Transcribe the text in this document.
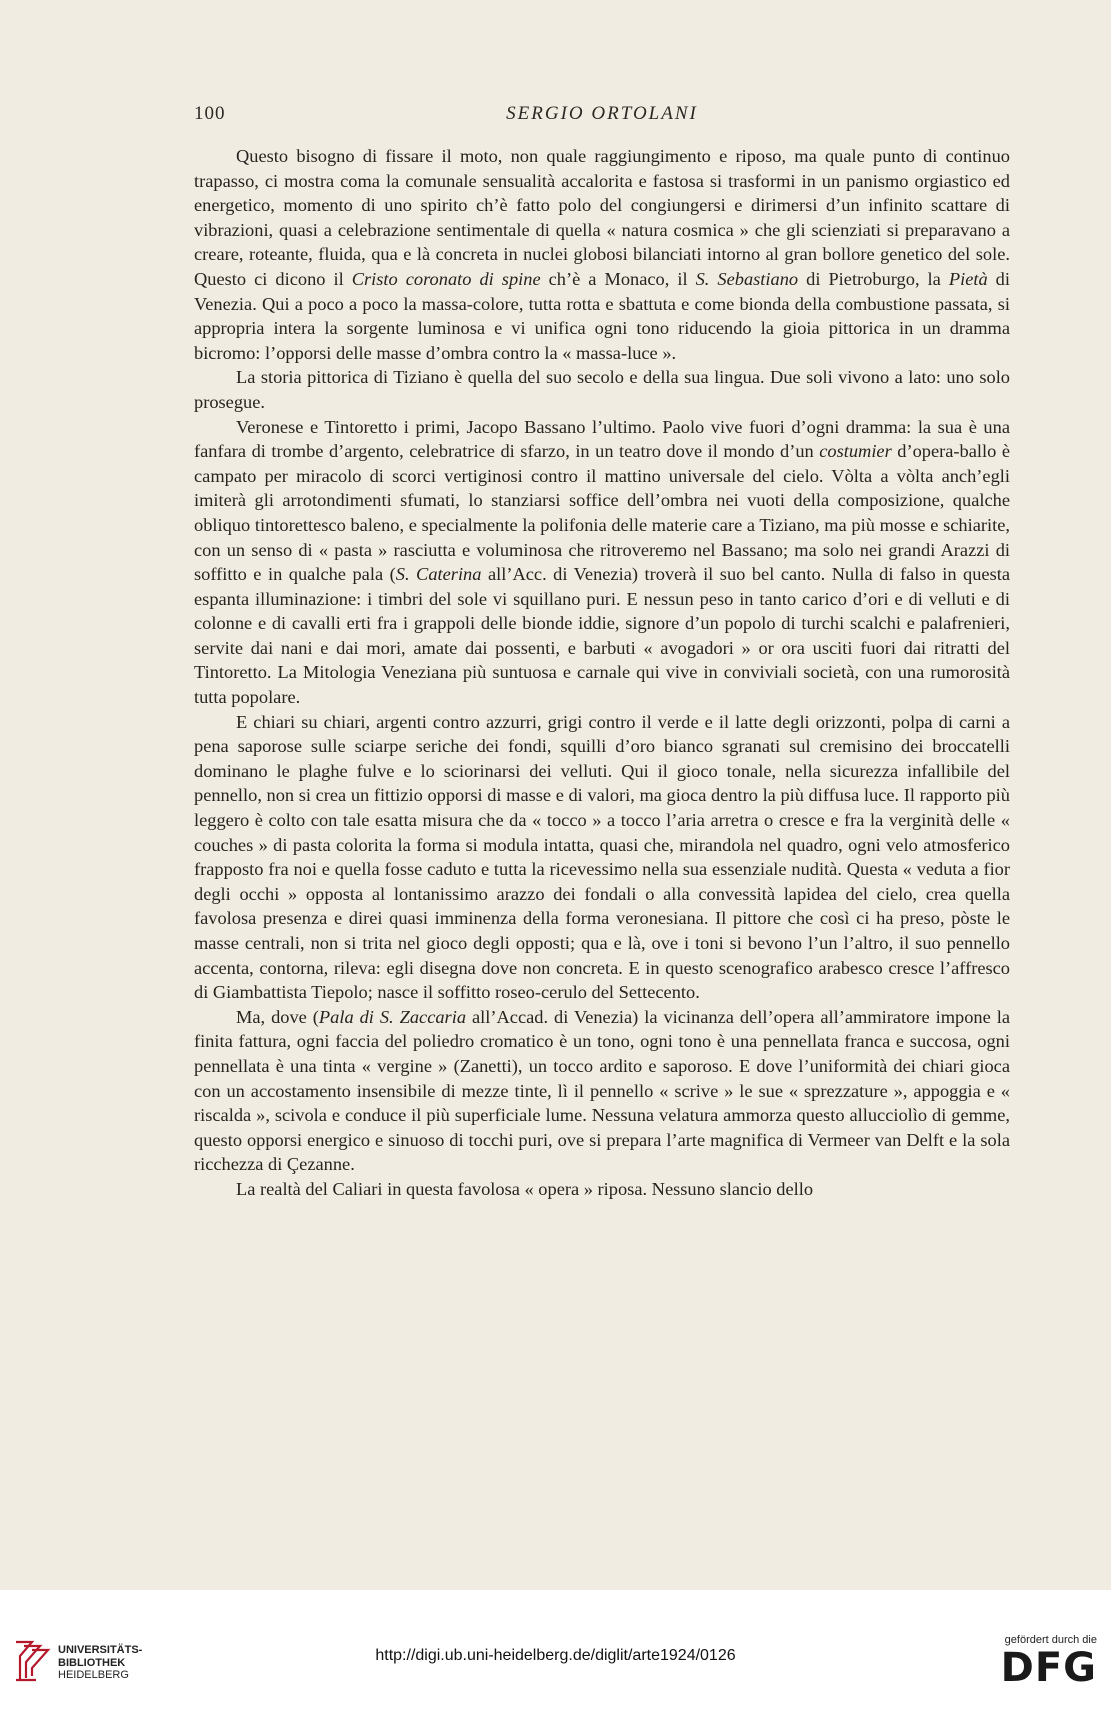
100	SERGIO ORTOLANI

Questo bisogno di fissare il moto, non quale raggiungimento e riposo, ma quale punto di continuo trapasso, ci mostra coma la comunale sensualità accalorita e fastosa si trasformi in un panismo orgiastico ed energetico, momento di uno spirito ch’è fatto polo del congiungersi e dirimersi d’un infinito scattare di vibrazioni, quasi a celebrazione sentimentale di quella « natura cosmica » che gli scienziati si preparavano a creare, roteante, fluida, qua e là concreta in nuclei globosi bilanciati intorno al gran bollore genetico del sole. Questo ci dicono il Cristo coronato di spine ch’è a Monaco, il S. Sebastiano di Pietroburgo, la Pietà di Venezia. Qui a poco a poco la massa-colore, tutta rotta e sbattuta e come bionda della combustione passata, si appropria intera la sorgente luminosa e vi unifica ogni tono riducendo la gioia pittorica in un dramma bicromo: l’opporsi delle masse d’ombra contro la « massa-luce ».

La storia pittorica di Tiziano è quella del suo secolo e della sua lingua. Due soli vivono a lato: uno solo prosegue.

Veronese e Tintoretto i primi, Jacopo Bassano l’ultimo. Paolo vive fuori d’ogni dramma: la sua è una fanfara di trombe d’argento, celebratrice di sfarzo, in un teatro dove il mondo d’un costumier d’opera-ballo è campato per miracolo di scorci vertiginosi contro il mattino universale del cielo. Vòlta a vòlta anch’egli imiterà gli arrotondimenti sfumati, lo stanziarsi soffice dell’ombra nei vuoti della composizione, qualche obliquo tintorettesco baleno, e specialmente la polifonia delle materie care a Tiziano, ma più mosse e schiarite, con un senso di « pasta » rasciutta e voluminosa che ritroveremo nel Bassano; ma solo nei grandi Arazzi di soffitto e in qualche pala (S. Caterina all’Acc. di Venezia) troverà il suo bel canto. Nulla di falso in questa espanta illuminazione: i timbri del sole vi squillano puri. E nessun peso in tanto carico d’ori e di velluti e di colonne e di cavalli erti fra i grappoli delle bionde iddie, signore d’un popolo di turchi scalchi e palafrenieri, servite dai nani e dai mori, amate dai possenti, e barbuti « avogadori » or ora usciti fuori dai ritratti del Tintoretto. La Mitologia Veneziana più suntuosa e carnale qui vive in conviviali società, con una rumorosità tutta popolare.

E chiari su chiari, argenti contro azzurri, grigi contro il verde e il latte degli orizzonti, polpa di carni a pena saporose sulle sciarpe seriche dei fondi, squilli d’oro bianco sgranati sul cremisino dei broccatelli dominano le plaghe fulve e lo sciorinarsi dei velluti. Qui il gioco tonale, nella sicurezza infallibile del pennello, non si crea un fittizio opporsi di masse e di valori, ma gioca dentro la più diffusa luce. Il rapporto più leggero è colto con tale esatta misura che da « tocco » a tocco l’aria arretra o cresce e fra la verginità delle « couches » di pasta colorita la forma si modula intatta, quasi che, mirandola nel quadro, ogni velo atmosferico frapposto fra noi e quella fosse caduto e tutta la ricevessimo nella sua essenziale nudità. Questa « veduta a fior degli occhi » opposta al lontanissimo arazzo dei fondali o alla convessità lapidea del cielo, crea quella favolosa presenza e direi quasi imminenza della forma veronesiana. Il pittore che così ci ha preso, pòste le masse centrali, non si trita nel gioco degli opposti; qua e là, ove i toni si bevono l’un l’altro, il suo pennello accenta, contorna, rileva: egli disegna dove non concreta. E in questo scenografico arabesco cresce l’affresco di Giambattista Tiepolo; nasce il soffitto roseo-cerulo del Settecento.

Ma, dove (Pala di S. Zaccaria all’Accad. di Venezia) la vicinanza dell’opera all’ammiratore impone la finita fattura, ogni faccia del poliedro cromatico è un tono, ogni tono è una pennellata franca e succosa, ogni pennellata è una tinta « vergine » (Zanetti), un tocco ardito e saporoso. E dove l’uniformità dei chiari gioca con un accostamento insensibile di mezze tinte, lì il pennello « scrive » le sue « sprezzature », appoggia e « riscalda », scivola e conduce il più superficiale lume. Nessuna velatura ammorza questo allucciolìo di gemme, questo opporsi energico e sinuoso di tocchi puri, ove si prepara l’arte magnifica di Vermeer van Delft e la sola ricchezza di Çezanne.

La realtà del Caliari in questa favolosa « opera » riposa. Nessuno slancio dello

UNIVERSITÄTS-
BIBLIOTHEK
HEIDELBERG
http://digi.ub.uni-heidelberg.de/diglit/arte1924/0126
gefördert durch die
DFG
